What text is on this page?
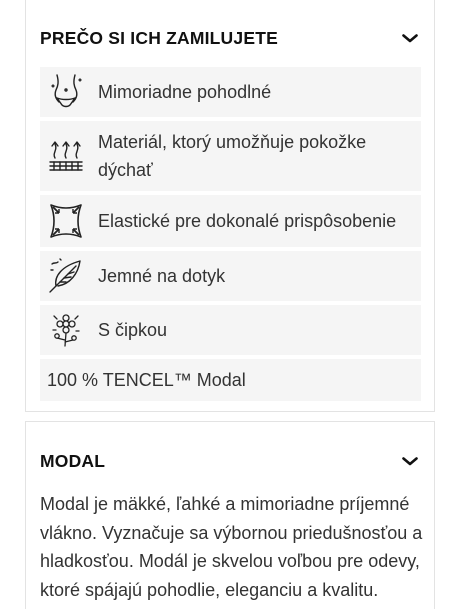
PREČO SI ICH ZAMILUJETE
Mimoriadne pohodlné
Materiál, ktorý umožňuje pokožke dýchať
Elastické pre dokonalé prispôsobenie
Jemné na dotyk
S čipkou
100 % TENCEL™ Modal
MODAL

Modal je mäkké, ľahké a mimoriadne príjemné vlákno. Vyznačuje sa výbornou priedušnosťou a hladkosťou. Modál je skvelou voľbou pre odevy, ktoré spájajú pohodlie, eleganciu a kvalitu.
